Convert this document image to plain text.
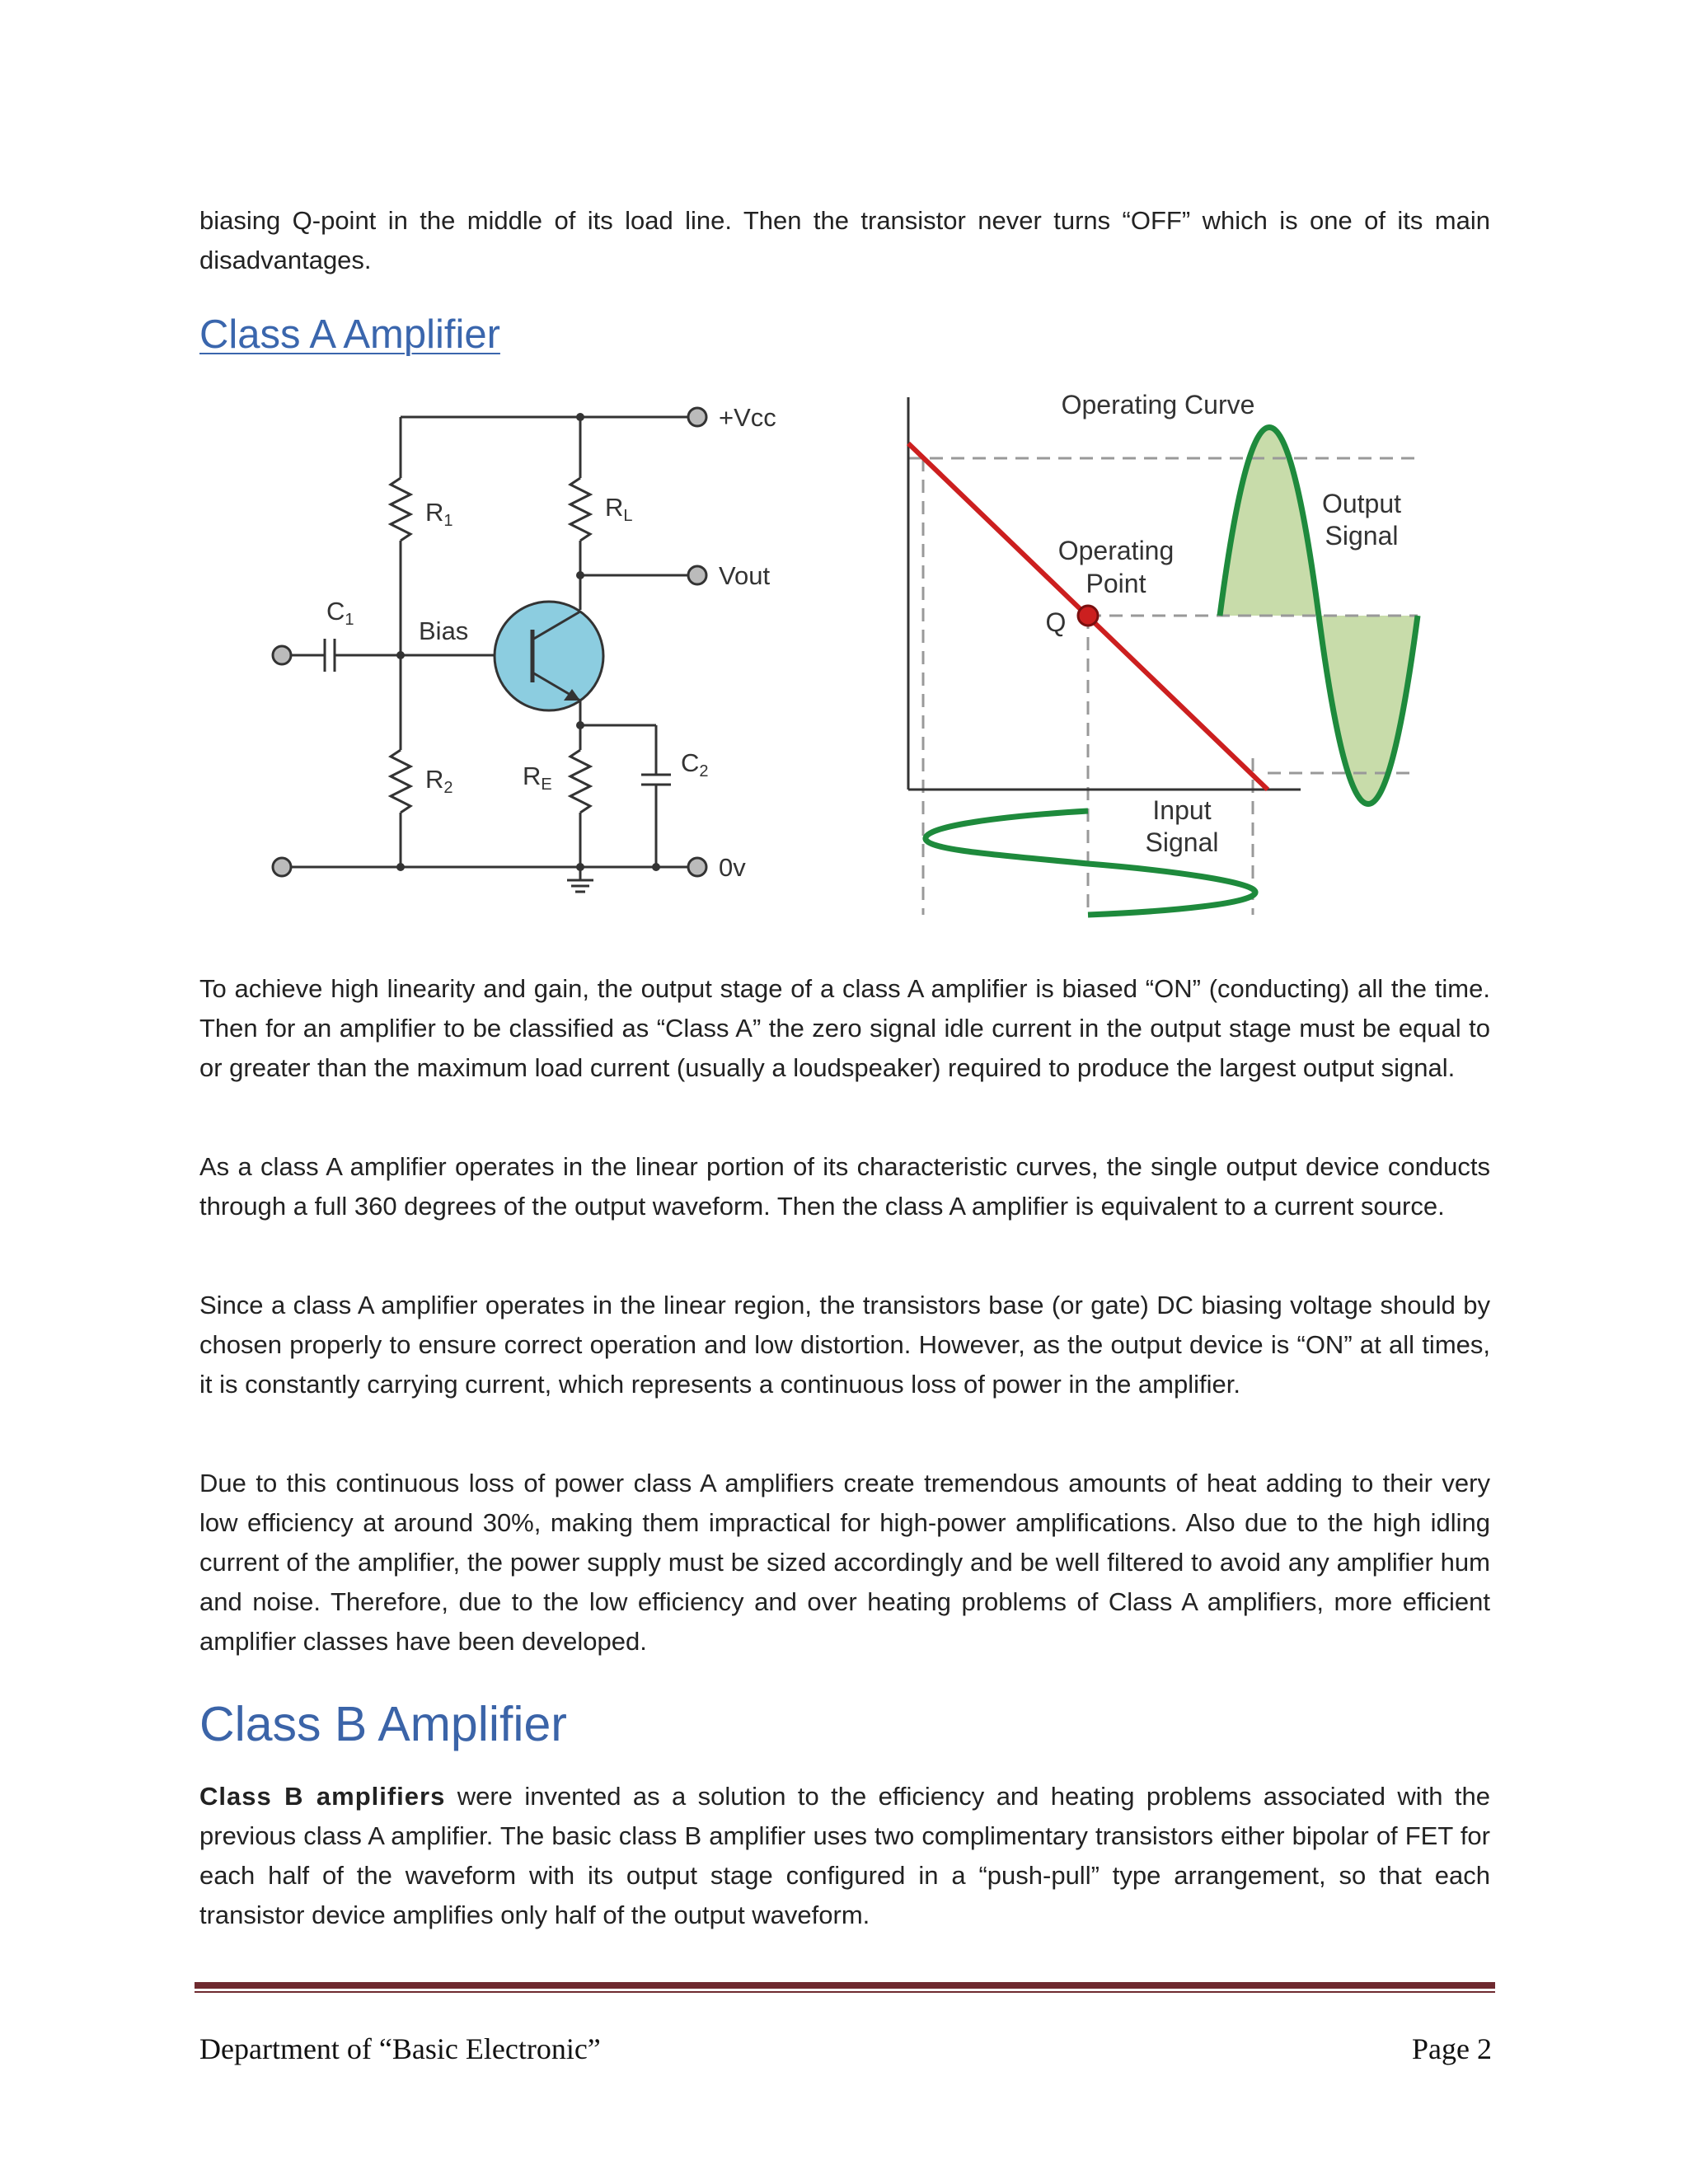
biasing Q-point in the middle of its load line. Then the transistor never turns “OFF” which is one of its main disadvantages.

Class A Amplifier
+Vcc
Vout
0v
Bias
R1	RL
R2	RE
C1
C2
Operating Curve
Operating
Point
Q
Output
Signal
Input
Signal

To achieve high linearity and gain, the output stage of a class A amplifier is biased “ON” (conducting) all the time. Then for an amplifier to be classified as “Class A” the zero signal idle current in the output stage must be equal to or greater than the maximum load current (usually a loudspeaker) required to produce the largest output signal.

As a class A amplifier operates in the linear portion of its characteristic curves, the single output device conducts through a full 360 degrees of the output waveform. Then the class A amplifier is equivalent to a current source.

Since a class A amplifier operates in the linear region, the transistors base (or gate) DC biasing voltage should by chosen properly to ensure correct operation and low distortion. However, as the output device is “ON” at all times, it is constantly carrying current, which represents a continuous loss of power in the amplifier.

Due to this continuous loss of power class A amplifiers create tremendous amounts of heat adding to their very low efficiency at around 30%, making them impractical for high-power amplifications. Also due to the high idling current of the amplifier, the power supply must be sized accordingly and be well filtered to avoid any amplifier hum and noise. Therefore, due to the low efficiency and over heating problems of Class A amplifiers, more efficient amplifier classes have been developed.

Class B Amplifier

Class B amplifiers were invented as a solution to the efficiency and heating problems associated with the previous class A amplifier. The basic class B amplifier uses two complimentary transistors either bipolar of FET for each half of the waveform with its output stage configured in a “push-pull” type arrangement, so that each transistor device amplifies only half of the output waveform.

Department of “Basic Electronic”	Page 2
